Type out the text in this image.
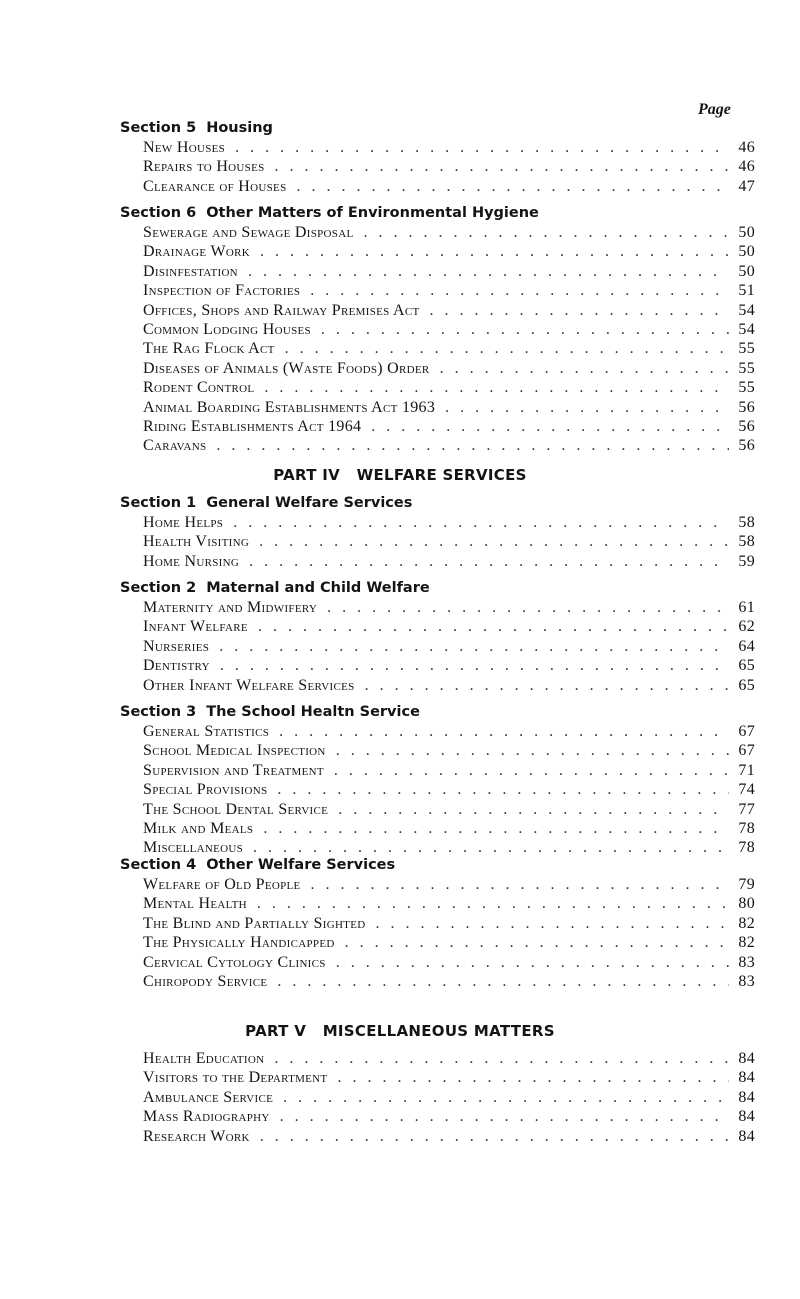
Page
Section 5 Housing
New Houses . . .	46
Repairs to Houses . . .	46
Clearance of Houses . . .	47
Section 6 Other Matters of Environmental Hygiene
Sewerage and Sewage Disposal . . .	50
Drainage Work . . .	50
Disinfestation . . .	50
Inspection of Factories . . .	51
Offices, Shops and Railway Premises Act . . .	54
Common Lodging Houses . . .	54
The Rag Flock Act . . .	55
Diseases of Animals (Waste Foods) Order . . .	55
Rodent Control . . .	55
Animal Boarding Establishments Act 1963 . . .	56
Riding Establishments Act 1964 . . .	56
Caravans . . .	56
PART IV   WELFARE SERVICES
Section 1 General Welfare Services
Home Helps . . .	58
Health Visiting . . .	58
Home Nursing . . .	59
Section 2 Maternal and Child Welfare
Maternity and Midwifery . . .	61
Infant Welfare . . .	62
Nurseries . . .	64
Dentistry . . .	65
Other Infant Welfare Services . . .	65
Section 3 The School Healtn Service
General Statistics . . .	67
School Medical Inspection . . .	67
Supervision and Treatment . . .	71
Special Provisions . . .	74
The School Dental Service . . .	77
Milk and Meals . . .	78
Miscellaneous . . .	78
Section 4 Other Welfare Services
Welfare of Old People . . .	79
Mental Health . . .	80
The Blind and Partially Sighted . . .	82
The Physically Handicapped . . .	82
Cervical Cytology Clinics . . .	83
Chiropody Service . . .	83
PART V   MISCELLANEOUS MATTERS
Health Education . . .	84
Visitors to the Department . . .	84
Ambulance Service . . .	84
Mass Radiography . . .	84
Research Work . . .	84
